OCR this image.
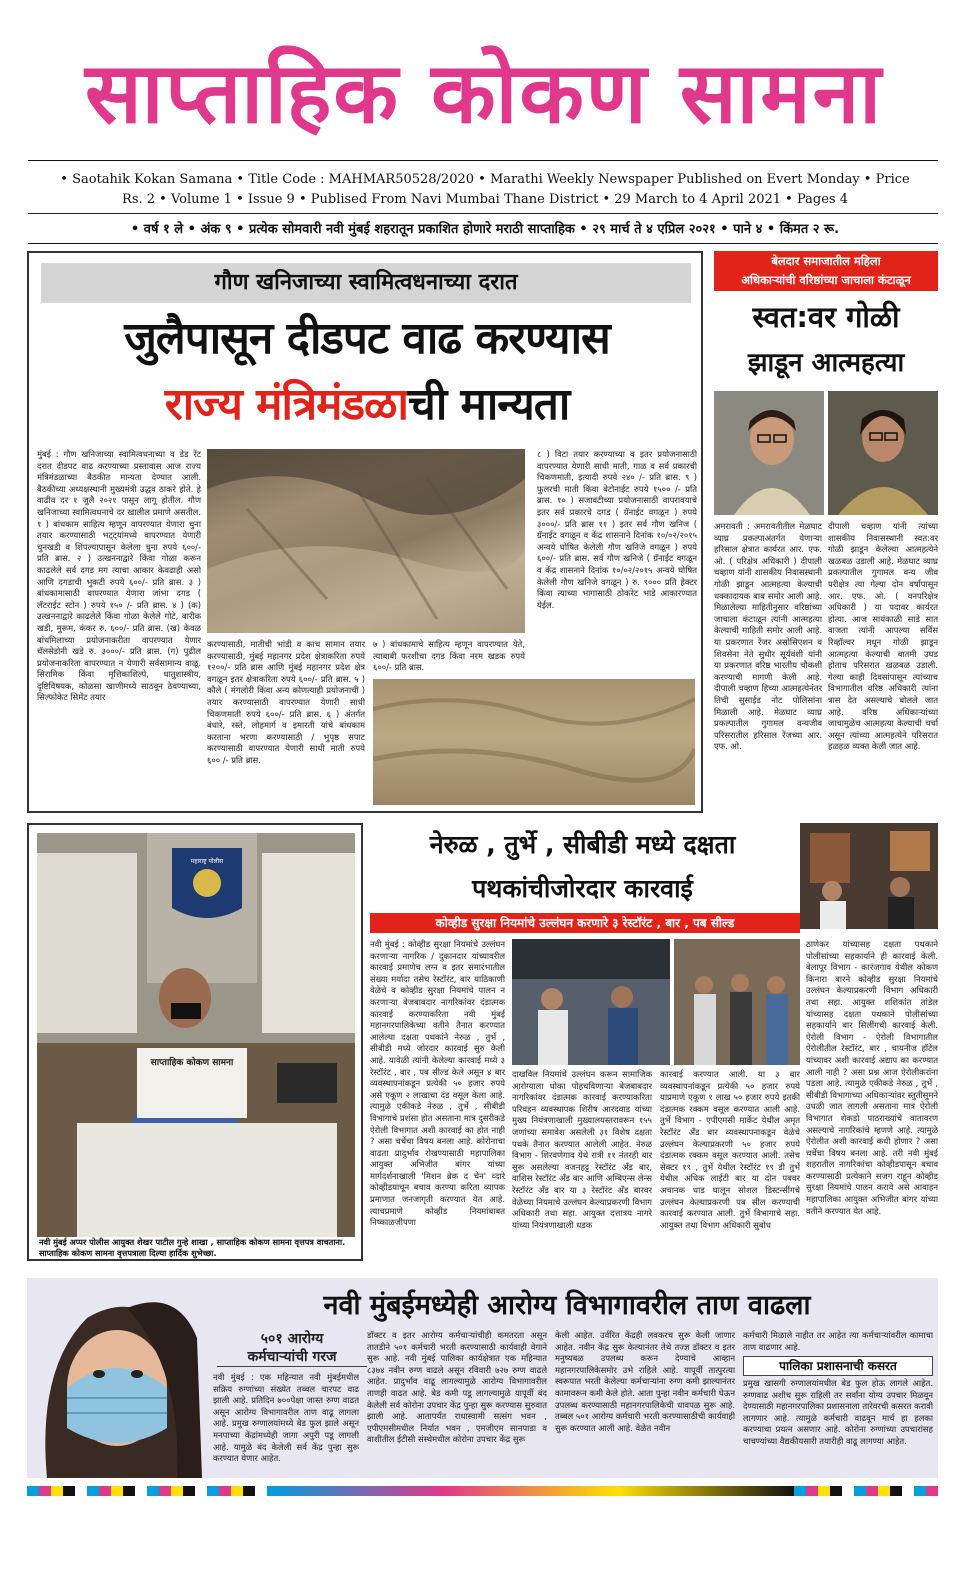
साप्ताहिक कोकण सामना
• Saotahik Kokan Samana • Title Code : MAHMAR50528/2020 • Marathi Weekly Newspaper Published on Evert Monday • Price
Rs. 2 • Volume 1 • Issue 9 • Publised From Navi Mumbai Thane District • 29 March to 4 April 2021 • Pages 4
• वर्ष १ ले • अंक ९ • प्रत्येक सोमवारी नवी मुंबई शहरातून प्रकाशित होणारे मराठी साप्ताहिक • २९ मार्च ते ४ एप्रिल २०२१ • पाने ४ • किंमत २ रू.
गौण खनिजाच्या स्वामित्वधनाच्या दरात
जुलैपासून दीडपट वाढ करण्यास
राज्य मंत्रिमंडळाची मान्यता
मुंबई : गौण खनिजाच्या स्वामित्वधनाच्या व डेड रेंट दरात दीडपट वाढ करण्याच्या प्रस्तावास आज राज्य मंत्रिमंडळाच्या बैठकीत मान्यता देण्यात आली. बैठकीच्या अध्यक्षस्थानी मुख्यमंत्री उद्धव ठाकरे होते. हे वाढीव दर १ जुलै २०२१ पासून लागू होतील. गौण खनिजाच्या स्वामित्वधनाचे दर खालील प्रमाणे असतील. १ ) बांधकाम साहित्य म्हणून वापरण्यात येणारा चुना तयार करण्यासाठी भट्ट्यांमध्ये वापरण्यात येणारी चुनखडी व शिंपल्यापासून केलेला चुना रुपये ६००/- प्रति ब्रास. २ ) उत्खननाद्वारे किंवा गोळा करून काढलेले सर्व दगड मग त्याचा आकार केवढाही असो आणि दगडाची भुकटी रुपये ६००/- प्रति ब्रास. ३ ) बांधकामासाठी वापरण्यात येणारा जांभा दगड ( लॅटराईट स्टोन ) रुपये १५० /- प्रति ब्रास. ४ ) (क) उत्खननाद्वारे काढलेले किंवा गोळा केलेले गोटे, बारीक खडी, मुरूम, कंकर रु. ६००/- प्रति ब्रास. (ख) केवळ बांधमिलाच्या प्रयोजनाकरीता वापरण्यात येणार चॅलसेडोनी खडे रु. ३०००/- प्रति ब्रास. (ग) पुढील प्रयोजनाकरिता वापरण्यात न येणारी सर्वसामान्य वाळू. सिरामिक किंवा मृत्तिकाशिल्पे, धातुशास्त्रीय, दृष्टिविषयक, कोळसा खाणीमध्ये साठवून ठेवण्याच्या, सिल्फोकेट सिमेंट तयार
करण्यासाठी, मातीची भांडी व काच सामान तयार करण्यासाठी, मुंबई महानगर प्रदेश क्षेत्राकरिता रुपये १२००/- प्रति ब्रास आणि मुंबई महानगर प्रदेश क्षेत्र वगळून इतर क्षेत्राकरिता रुपये ६००/- प्रति ब्रास. ५ ) कौले ( मंगलोरी किंवा अन्य कोणत्याही प्रयोजनाची ) तयार करण्यासाठी वापरण्यात येणारी साधी चिकणमाती रुपये ६००/- प्रति ब्रास. ६ ) अंतर्गत बंधारे, रस्ते, लोहमार्ग व इमारती यांचे बांधकाम करताना भरणा करण्यासाठी / भुपृष्ठ सपाट करण्यासाठी वापरण्यात येणारी साधी माती रुपये ६०० /- प्रति ब्रास.
७ ) बांधकामाचे साहित्य म्हणून वापरण्यात येते, त्याबाबी फरशीचा दगड किंवा नरम खडक रुपये ६००/- प्रति ब्रास.
८ ) विटा तयार करण्याच्या व इतर प्रयोजनासाठी वापरण्यात येणारी साधी माती, गाळ व सर्व प्रकारची चिकणमाती, इत्यादी रुपये २४० /- प्रति ब्रास. ९ ) फुलरची माती किंवा बेटोनाईट रुपये १५०० /- प्रति ब्रास. १० ) सजावटीच्या प्रयोजनासाठी वापरावयाचे इतर सर्व प्रकारचे दगड ( ग्रॅनाईट वगळून ) रुपये ३०००/- प्रति ब्रास ११ ) इतर सर्व गौण खनिज ( ग्रॅनाईट वगळून व केंद्र शासनाने दिनांक १०/०२/२०१५ अन्वये घोषित केलेली गौण खनिजे वगळून ) रुपये ६००/- प्रति ब्रास. सर्व गौण खनिजे ( ग्रॅनाईट वगळून व केंद्र शासनाने दिनांक १०/०२/२०१५ अन्वये घोषित केलेली गौण खनिजे वगळून ) रु. ९००० प्रति हेक्टर किंवा त्याच्या भागासाठी ठोकरेट भाडे आकारण्यात येईल.
बेलदार समाजातील महिला
अधिकाऱ्यांची वरिष्ठांच्या जाचाला कंटाळून
स्वत:वर गोळी
झाडून आत्महत्या
अमरावती : अमरावतीतील मेळघाट व्याघ्र प्रकल्पाअंतर्गत येणाऱ्या हरिसाल क्षेत्रात कार्यरत आर. एफ. ओ. ( परिक्षेत्र अधिकारी ) दीपाली चव्हाण यांनी शासकीय निवासस्थानी गोळी झाडून आत्महत्या केल्याची धक्कादायक बाब समोर आली आहे. मिळालेल्या माहितीनुसार वरिष्ठांच्या जाचाला कंटाळून त्यांनी आत्महत्या केल्याची माहिती समोर आली आहे. या प्रकरणात रेंजर असोसिएशन व शिवसेना नेते सुधीर सूर्यवंशी यांनी या प्रकरणात वरिष्ठ भारतीय चौकशी करण्याची मागणी केली आहे. दीपाली चव्हाण हिच्या आत्महत्येनंतर तिची सुसाईड नोट पोलिसांना मिळाली आहे. मेळघाट व्याघ्र प्रकल्पातील गुगामल वन्यजीव परिसरातील हरिसाल रेंजच्या आर. एफ. ओ.
दीपाली चव्हाण यांनी त्यांच्या शासकीय निवासस्थानी स्वत:वर गोळी झाडून केलेल्या आत्महत्येने खळबळ उडाली आहे. मेळघाट व्याघ्र प्रकल्पातील गुगामल वन्य जीव परीक्षेत्र त्या गेल्या दोन वर्षापासून आर. एफ. ओ. ( वनपरिक्षेत्र अधिकारी ) या पदावर कार्यरत होत्या. आज सायंकाळी साडे सात वाजता त्यांनी आपल्या सर्विस रिव्हॉल्वर मधून गोळी झाडून आत्महत्या केल्याची बातमी उघड होताच परिसरात खळबळ उडाली. गेल्या काही दिवसांपासून त्यांच्याच विभागातील वरिष्ठ अधिकारी त्यांना त्रास देत असल्याचे बोलले जात आहे. वरिष्ठ अधिकाऱ्यांच्या जाचामुळेच आत्महत्या केल्याची चर्चा असून त्यांच्या आत्महत्येने परिसरात हळहळ व्यक्त केली जात आहे.
साप्ताहिक कोकण सामना
महाराष्ट्र पोलीस
नवी मुंबई अप्पर पोलीस आयुक्त शेखर पाटील गुन्हे शाखा , साप्ताहिक कोकण सामना वृत्तपत्र वाचताना. साप्ताहिक कोकण सामना वृत्तपत्राला दिल्या हार्दिक शुभेच्छा.
नेरुळ , तुर्भे , सीबीडी मध्ये दक्षता
पथकांचीजोरदार कारवाई
कोव्हीड सुरक्षा नियमांचे उल्लंघन करणारे ३ रेस्टॉरंट , बार , पब सील्ड
नवी मुंबई : कोव्हीड सुरक्षा नियमांचे उल्लंघन करणाऱ्या नागरिक / दुकानदार यांच्यावरील कारवाई प्रमाणेच लग्न व इतर समारंभातील संख्या मर्यादा तसेच रेस्टॉरंट, बार याठिकाणी वेळेचे व कोव्हीड सुरक्षा नियमांचे पालन न करणाऱ्या बेजबाबदार नागरिकांवर दंडात्मक कारवाई करण्याकरिता नवी मुंबई महानगरपालिकेच्या वतीने तैनात करण्यात आलेल्या दक्षता पथकांने नेरुळ , तुर्भे , सीबीडी मध्ये जोरदार कारवाई सुरु केली आहे. यावेळी त्यांनी केलेल्या कारवाई मध्ये ३ रेस्टॉरंट , बार , पब सील्ड केले असून ४ बार व्यवस्थापनांकडून प्रत्येकी ५० हजार रुपये असे एकूण २ लाखाचा दंड वसूल केला आहे. त्यामुळे एकीकडे नेरुळ , तुर्भे , सीबीडी विभागाचे प्रशंसा होत असताना मात्र दुसरीकडे ऐरोली विभागात अशी कारवाई का होत नाही ? असा चर्चेचा विषय बनला आहे. कोरोनाचा वाढता प्रादुर्भाव रोखण्यासाठी महापालिका आयुक्त अभिजीत बांगर यांच्या मार्गदर्शनाखाली 'मिशन ब्रेक द चेन' व्दारे कोव्हीडयाचून बचाव करण्या करिता व्यापक प्रमाणात जनजागृती करण्यात येत आहे. त्याचप्रमाणे कोव्हीड नियमांबाबत निष्काळजीपणा
दाखविल नियमांचे उल्लंघन करून सामाजिक आरोग्याला धोका पोहचविणाऱ्या बेजबाबदार नागरिकांवर दंडात्मक कारवाई करण्याकरिता परिवहन व्यवस्थापक शिरीष आरदवाड यांच्या मुख्य नियंत्रणाखाली मुख्यालयस्तरावरून १५५ जणांच्या समावेश असलेली ३१ विशेष दक्षता पथके तैनात करण्यात आलेली आहेत. नेरुळ विभाग - शिरवणेगाव येथे रात्री ११ नंतरही बार सुरू असलेल्या वजनहट्ट रेस्टॉरंट अँड बार, वाशिस रेस्टॉरंट अँड बार आणि अम्बिएन्स लेन्स रेस्टॉरंट अँड बार या ३ रेस्टॉरंट अँड बारवर वेळेच्या नियमाचे उल्लंघन केल्याप्रकरणी विभाग अधिकारी तथा सहा. आयुक्त दत्तात्रय नागरे यांच्या नियंत्रणाखाली धडक
कारवाई करण्यात आली. या ३ बार व्यवस्थापनांकडून प्रत्येकी ५० हजार रुपये याप्रमाणे एकूण १ लाख ५० हजार रुपये इतकी दंडात्मक रक्कम वसूल करण्यात आली आहे. तुर्भे विभाग - एपीएमसी मार्केट येथील अमृत रेस्टॉरंट अँड बार व्यवस्थापनाकडून वेळेचे उल्लंघन केल्याप्रकरणी ५० हजार रुपये दंडात्मक रक्कम वसूल करण्यात आली. तसेच सेक्टर १९ , तुर्भे येथील रेस्टॉरंट १९ डी तुर्भे येथील अधिक लाईटी बार या दोन पबवर अचानक धाड घालून सोशल डिस्टन्सींगचे उल्लंघन केल्याप्रकरणी पब सील करण्याची कारवाई करण्यात आली. तुर्भे विभागाचे सहा. आयुक्त तथा विभाग अधिकारी सुबोध
ठाणेकर यांच्यासह दक्षता पथकाने पोलीसांच्या सहकार्याने ही कारवाई केली. बेलापूर विभाग - कारंजगाव येथील कोकण किनारा बारने कोव्हीड सुरक्षा नियमांचे उल्लंघन केल्याप्रकरणी विभाग अधिकारी तथा सहा. आयुक्त शशिकांत तांडेल यांच्यासह दक्षता पथकाने पोलीसांच्या सहकार्याने बार सिलींगची कारवाई केली. ऐरोली विभाग - ऐरोली विभागातील ऐरोलीतील रेस्टॉरंट, बार , चायनीज हॉटेल यांच्यावर अशी कारवाई अद्याप का करण्यात आली नाही ? असा प्रश्न आज ऐरोलीकरांना पडला आहे. त्यामुळे एकीकडे नेरुळ , तुर्भे , सीबीडी विभागाच्या अधिकाऱ्यांवर स्तुतीसुमने उधळी जात लागली असताना मात्र ऐरोली विभागात शेकडो पाठराख्यांचे वातावरण असल्याचे नागरिकांचे म्हणणे आहे. त्यामुळे ऐरोलीत अशी कारवाई कधी होणार ? असा चर्चेचा विषय बनला आहे. तरी नवी मुंबई शहरातील नागरिकांचा कोव्हीडपासून बचाव करण्यासाठी प्रत्येकाने सजग राहून कोव्हीड सुरक्षा नियमांचे पालन करावे असे आवाहन महापालिका आयुक्त अभिजीत बांगर यांच्या वतीने करण्यात येत आहे.
नवी मुंबईमध्येही आरोग्य विभागावरील ताण वाढला
५०१ आरोग्य
कर्मचाऱ्यांची गरज
नवी मुंबई : एक महिन्यात नवी मुंबईमधील सक्रिय रुग्णांच्या संख्येत तब्बल चारपट वाढ झाली आहे. प्रतिदिन ७००पेक्षा जास्त रुग्ण वाढत असून आरोग्य विभागावरील ताण वाढू लागला आहे. प्रमुख रुग्णालयांमध्ये बेड फुल झाले असून मनपाच्या केंद्रांमध्येही जागा अपुरी पडू लागली आहे. यामुळे बंद केलेली सर्व केंद्र पुन्हा सुरू करण्यात येणार आहेत.
डॉक्टर व इतर आरोग्य कर्मचाऱ्यांचीही कमतरता असून तातडीने ५०१ कर्मचारी भरती करण्यासाठी कार्यवाही वेगाने सुरू आहे. नवी मुंबई पालिका कार्यक्षेत्रात एक महिन्यात ८३७४ नवीन रुग्ण वाढले असून रविवारी ७२७ रुग्ण वाढले आहेत. प्रादुर्भाव वाढू लागल्यामुळे आरोग्य विभागावरील ताणही वाढत आहे. बेड कमी पडू लागल्यामुळे यापूर्वी बंद केलेली सर्व कोरोना उपचार केंद्र पुन्हा सुरू करण्यास सुरुवात झाली आहे. आतापर्यंत राधास्वामी सत्संग भवन , एपीएमसीमधील निर्यात भवन , एमजीएम सानपाडा व वाशीतील ईटीसी संस्थेमधील कोरोना उपचार केंद्र सुरू
केली आहेत. उर्वरित केंद्रही लवकरच सुरू केली जाणार आहेत. नवीन केंद्र सुरू केल्यानंतर तेथे तज्ज्ञ डॉक्टर व इतर मनुष्यबळ उपलब्ध करून देण्याचे आव्हान महानगरपालिकेसमोर उभे राहिले आहे. यापूर्वी तात्पुरत्या स्वरूपात भरती केलेल्या कर्मचाऱ्यांना रुग्ण कमी झाल्यानंतर कामावरून कमी केले होते. आता पुन्हा नवीन कर्मचारी घेऊन उपलब्ध करण्यासाठी महानगरपालिकेची धावपळ सुरू आहे. तब्बल ५०१ आरोग्य कर्मचारी भरती करण्यासाठीची कार्यवाही सुरू करण्यात आली आहे. वेळेत नवीन
कर्मचारी मिळाले नाहीत तर आहेत त्या कर्मचाऱ्यांवरील कामाचा ताण वाढणार आहे.
पालिका प्रशासनाची कसरत
प्रमुख खासगी रुग्णालयांमधील बेड फुल होऊ लागले आहेत. रुग्णवाढ अशीच सुरू राहिली तर सर्वांना योग्य उपचार मिळवून देण्यासाठी महानगरपालिका प्रशासनाला तारेवरची कसरत करावी लागणार आहे. त्यामुळे कर्मचारी वाढवून मार्च हा हलका करण्याचा प्रयत्न असणार आहे. कोरोना रुग्णांच्या उपचारांसह चाचण्यांच्या वैद्यकीयसारी तयारीही वाढू लागण्या आहेत.
